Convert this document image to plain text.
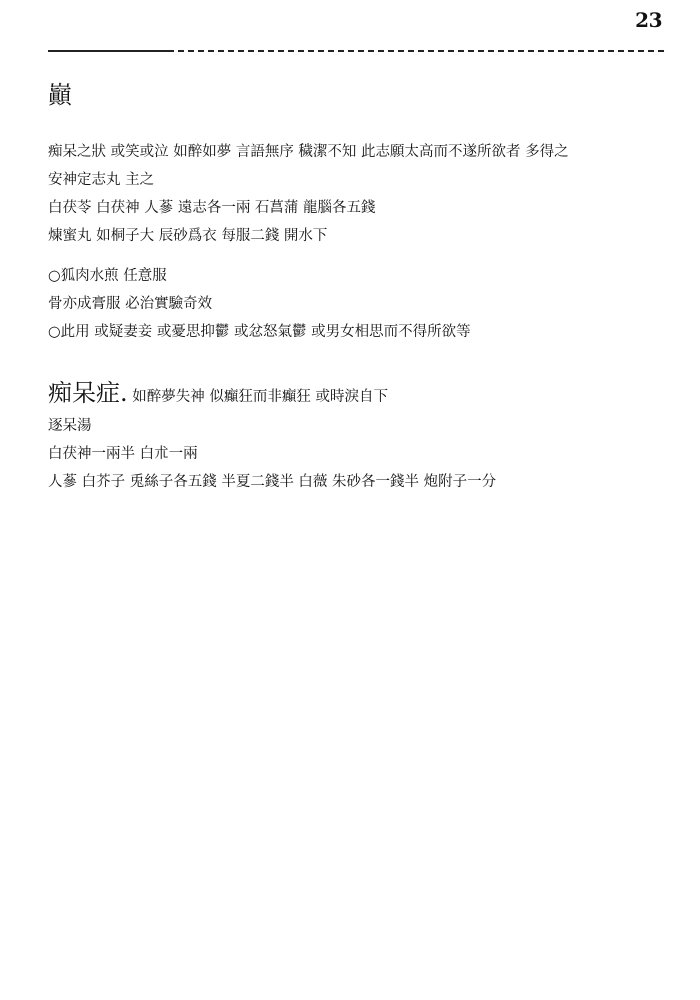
23
巓
痴呆之狀 或笑或泣 如醉如夢 言語無序 穢潔不知 此志願太高而不遂所欲者 多得之
安神定志丸 主之
白茯苓 白茯神 人蔘 遠志各一兩 石菖蒲 龍腦各五錢
煉蜜丸 如桐子大 辰砂爲衣 每服二錢 開水下
○狐肉水煎 任意服
骨亦成膏服 必治實驗奇效
○此用 或疑妻妾 或憂思抑鬱 或忿怒氣鬱 或男女相思而不得所欲等
痴呆症. 如醉夢失神 似癲狂而非癲狂 或時淚自下
逐呆湯
白茯神一兩半 白朮一兩
人蔘 白芥子 兎絲子各五錢 半夏二錢半 白薇 朱砂各一錢半 炮附子一分
